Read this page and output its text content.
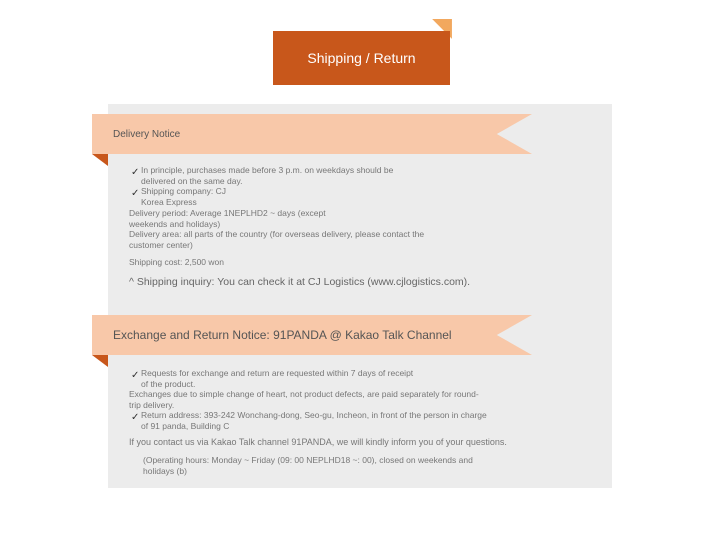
Shipping / Return
Delivery Notice
✓ In principle, purchases made before 3 p.m. on weekdays should be
delivered on the same day.
✓ Shipping company: CJ
Korea Express
Delivery period: Average 1NEPLHD2 ~ days (except
weekends and holidays)
Delivery area: all parts of the country (for overseas delivery, please contact the
customer center)
Shipping cost: 2,500 won
^ Shipping inquiry: You can check it at CJ Logistics (www.cjlogistics.com).
Exchange and Return Notice: 91PANDA @ Kakao Talk Channel
✓ Requests for exchange and return are requested within 7 days of receipt
of the product.
Exchanges due to simple change of heart, not product defects, are paid separately for round-
trip delivery.
✓ Return address: 393-242 Wonchang-dong, Seo-gu, Incheon, in front of the person in charge
of 91 panda, Building C
If you contact us via Kakao Talk channel 91PANDA, we will kindly inform you of your questions.
(Operating hours: Monday ~ Friday (09: 00 NEPLHD18 ~: 00), closed on weekends and
holidays (b)
